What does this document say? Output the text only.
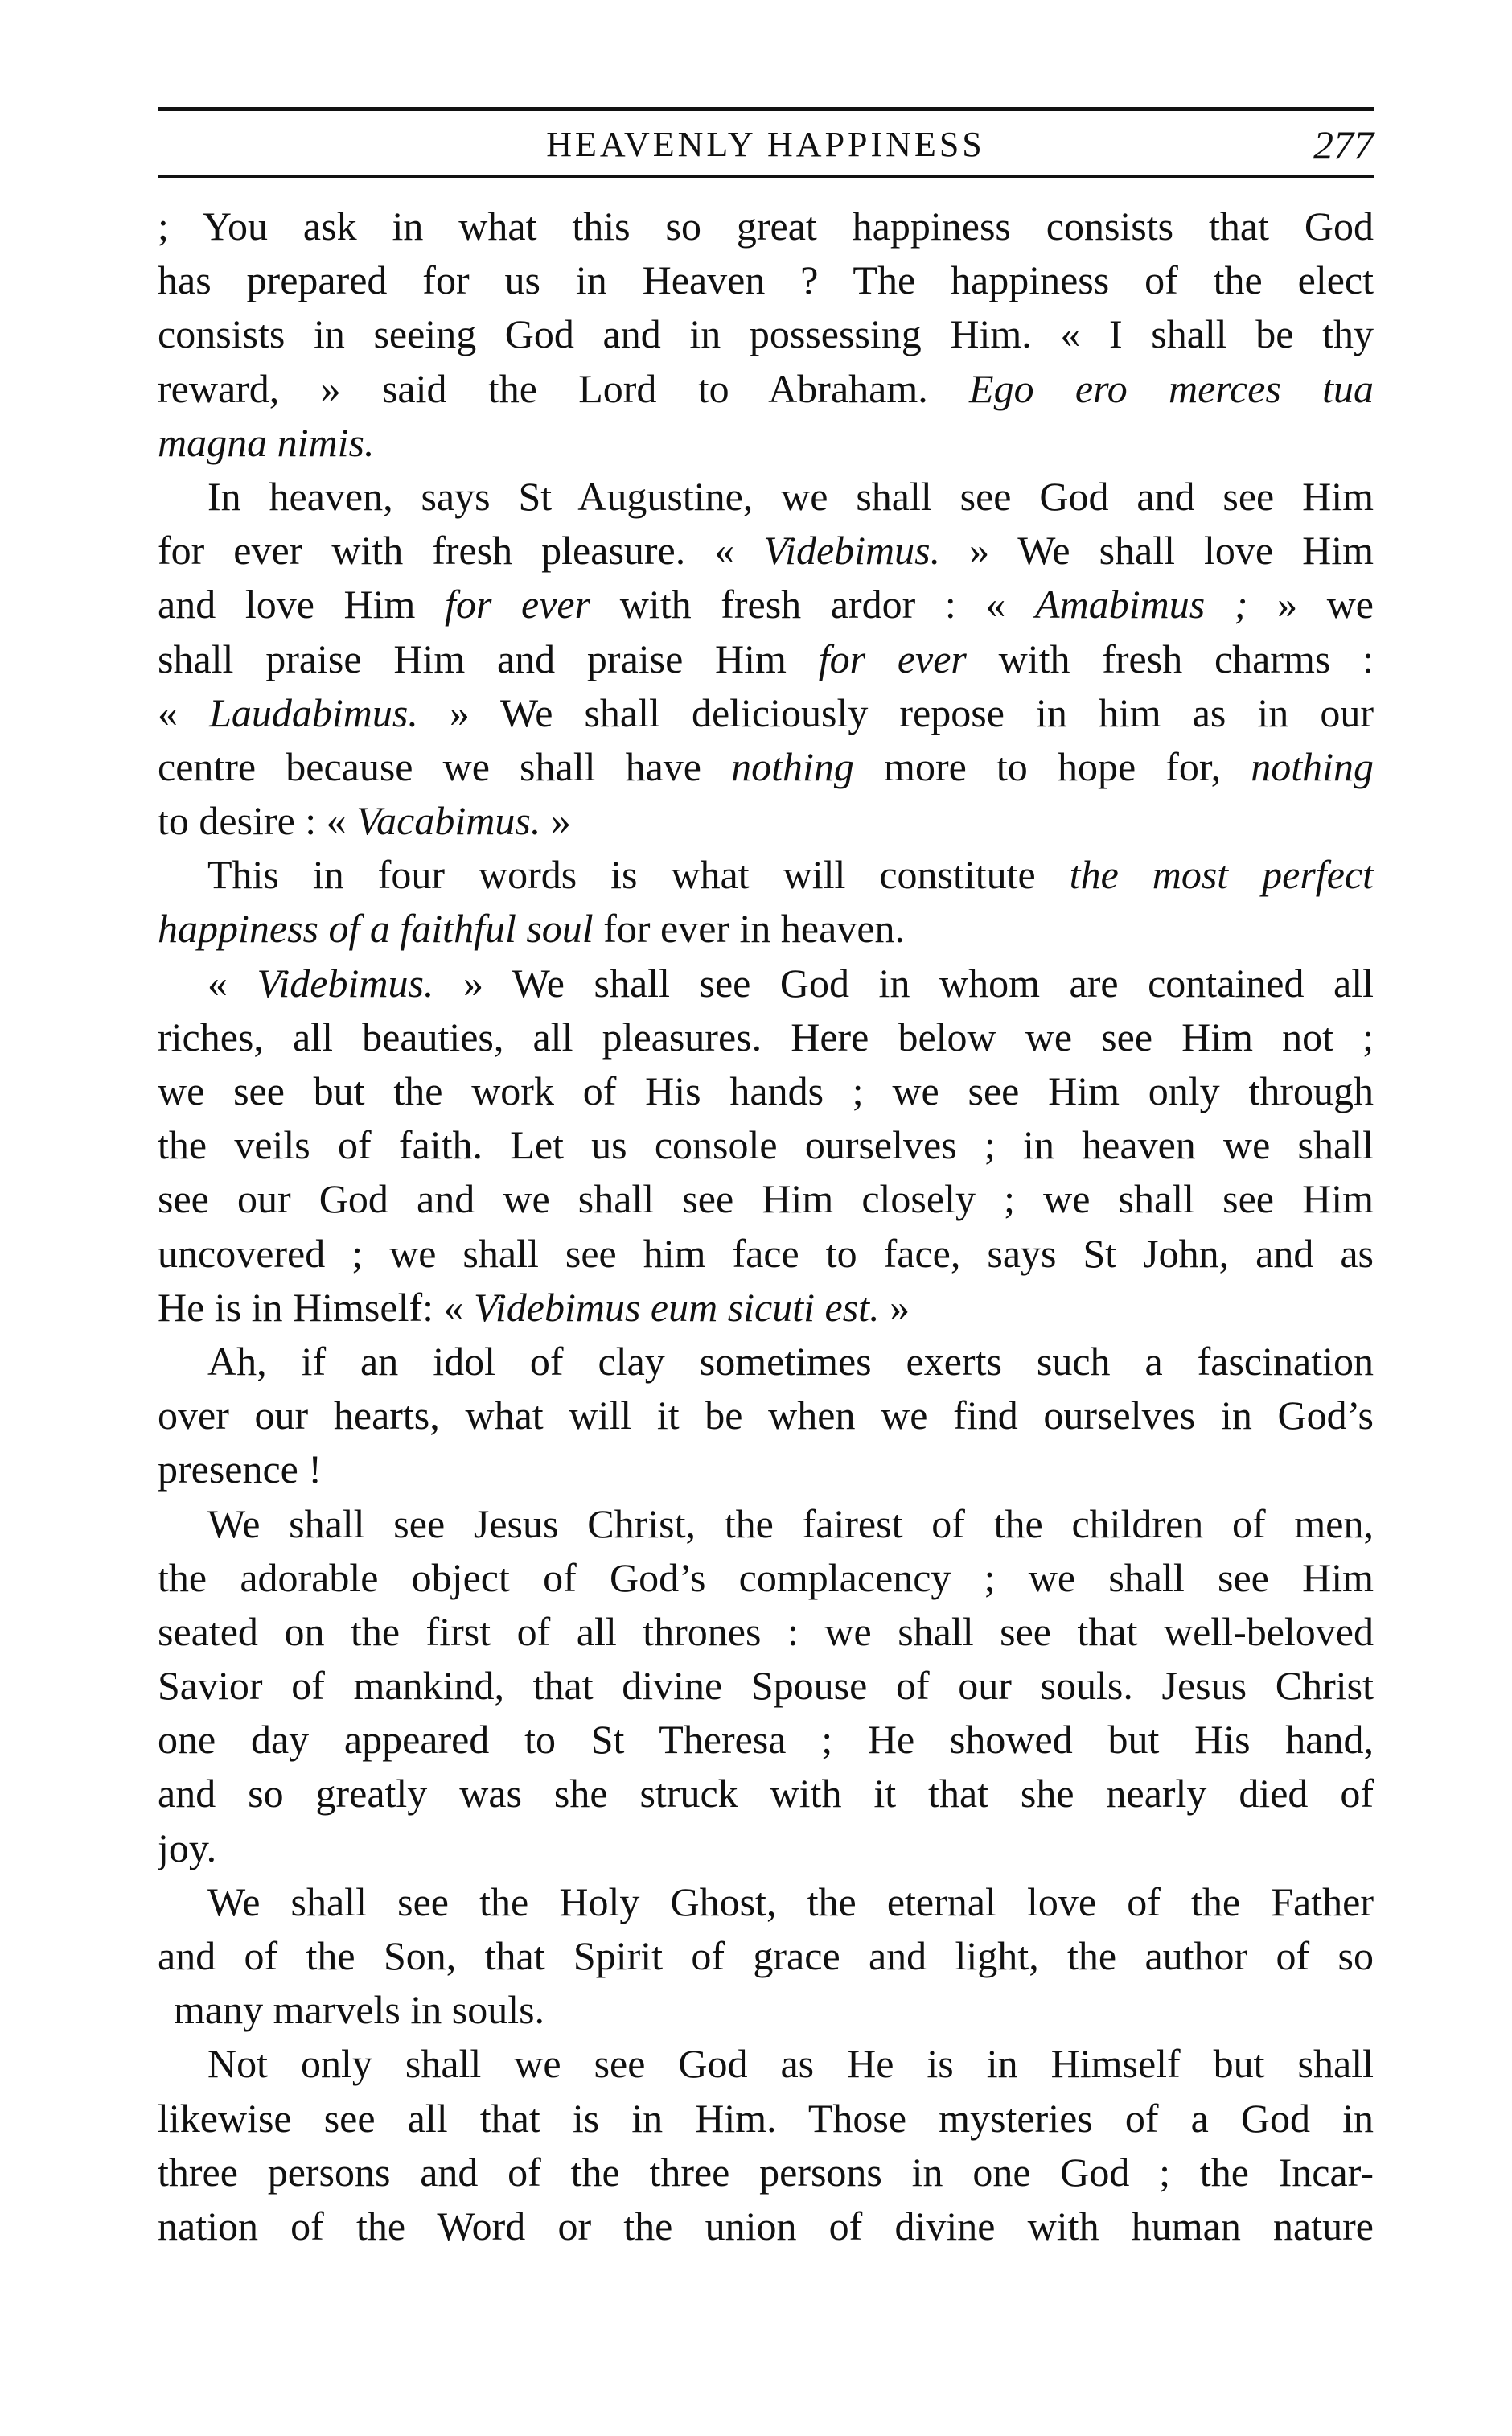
HEAVENLY HAPPINESS	277
; You ask in what this so great happiness consists that God
has prepared for us in Heaven ? The happiness of the elect
consists in seeing God and in possessing Him. « I shall be thy
reward, » said the Lord to Abraham. Ego ero merces tua
magna nimis.
In heaven, says St Augustine, we shall see God and see Him
for ever with fresh pleasure. « Videbimus. » We shall love Him
and love Him for ever with fresh ardor : « Amabimus ; » we
shall praise Him and praise Him for ever with fresh charms :
« Laudabimus. » We shall deliciously repose in him as in our
centre because we shall have nothing more to hope for, nothing
to desire : « Vacabimus. »
This in four words is what will constitute the most perfect
happiness of a faithful soul for ever in heaven.
« Videbimus. » We shall see God in whom are contained all
riches, all beauties, all pleasures. Here below we see Him not ;
we see but the work of His hands ; we see Him only through
the veils of faith. Let us console ourselves ; in heaven we shall
see our God and we shall see Him closely ; we shall see Him
uncovered ; we shall see him face to face, says St John, and as
He is in Himself: « Videbimus eum sicuti est. »
Ah, if an idol of clay sometimes exerts such a fascination
over our hearts, what will it be when we find ourselves in God’s
presence !
We shall see Jesus Christ, the fairest of the children of men,
the adorable object of God’s complacency ; we shall see Him
seated on the first of all thrones : we shall see that well-beloved
Savior of mankind, that divine Spouse of our souls. Jesus Christ
one day appeared to St Theresa ; He showed but His hand,
and so greatly was she struck with it that she nearly died of
joy.
We shall see the Holy Ghost, the eternal love of the Father
and of the Son, that Spirit of grace and light, the author of so
many marvels in souls.
Not only shall we see God as He is in Himself but shall
likewise see all that is in Him. Those mysteries of a God in
three persons and of the three persons in one God ; the Incar-
nation of the Word or the union of divine with human nature
